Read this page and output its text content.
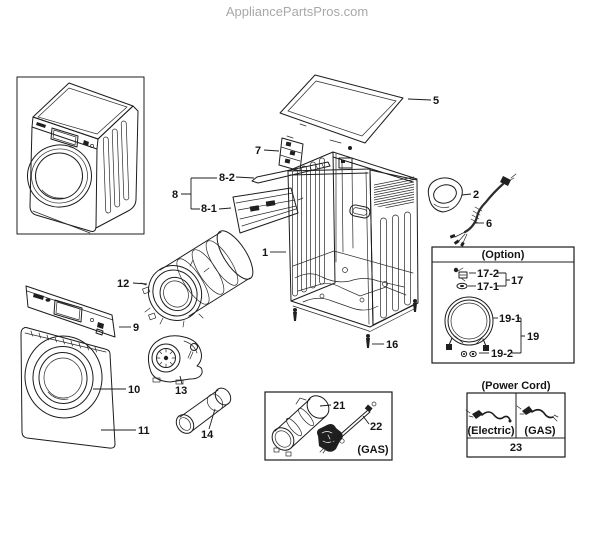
AppliancePartsPros.com
5
7
8-2
8
8-1
1
12
9
10
11
13
14
16
21
22
2
6
17-2
17-1 17
19-1
19
19-2
23
(GAS)
(Option)
(Power Cord)
(Electric) (GAS)
